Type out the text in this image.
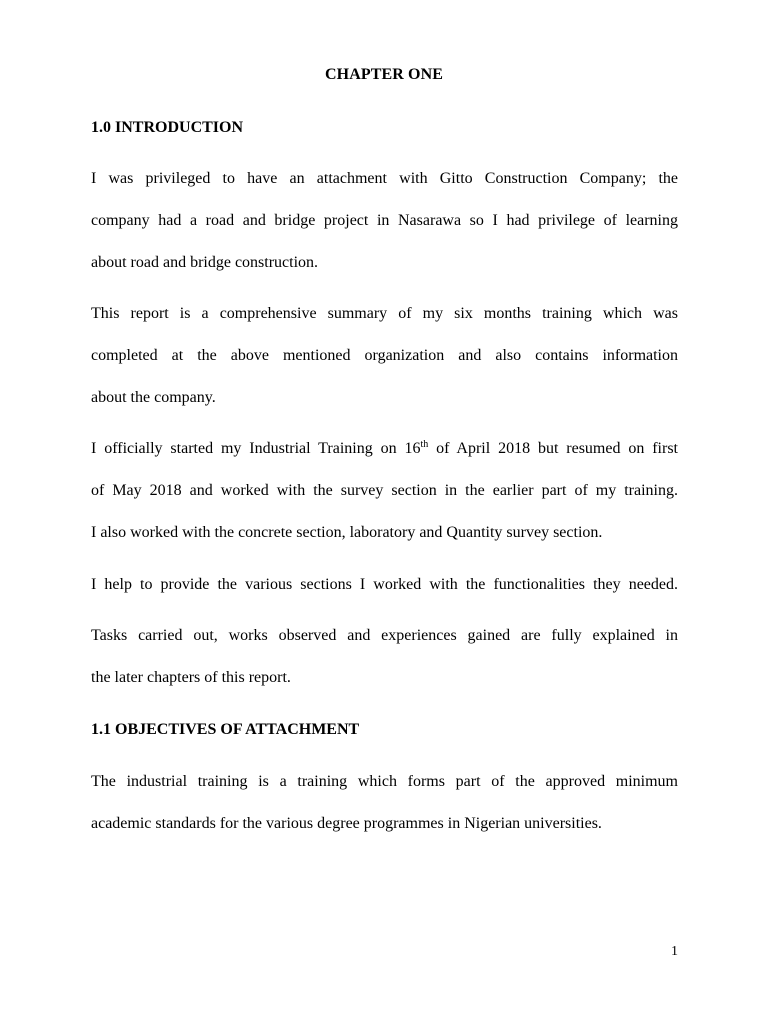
CHAPTER ONE
1.0 INTRODUCTION
I was privileged to have an attachment with Gitto Construction Company; the
company had a road and bridge project in Nasarawa so I had privilege of learning
about road and bridge construction.
This report is a comprehensive summary of my six months training which was
completed at the above mentioned organization and also contains information
about the company.
I officially started my Industrial Training on 16th of April 2018 but resumed on first
of May 2018 and worked with the survey section in the earlier part of my training.
I also worked with the concrete section, laboratory and Quantity survey section.
I help to provide the various sections I worked with the functionalities they needed.
Tasks carried out, works observed and experiences gained are fully explained in
the later chapters of this report.
1.1 OBJECTIVES OF ATTACHMENT
The industrial training is a training which forms part of the approved minimum
academic standards for the various degree programmes in Nigerian universities.
1
